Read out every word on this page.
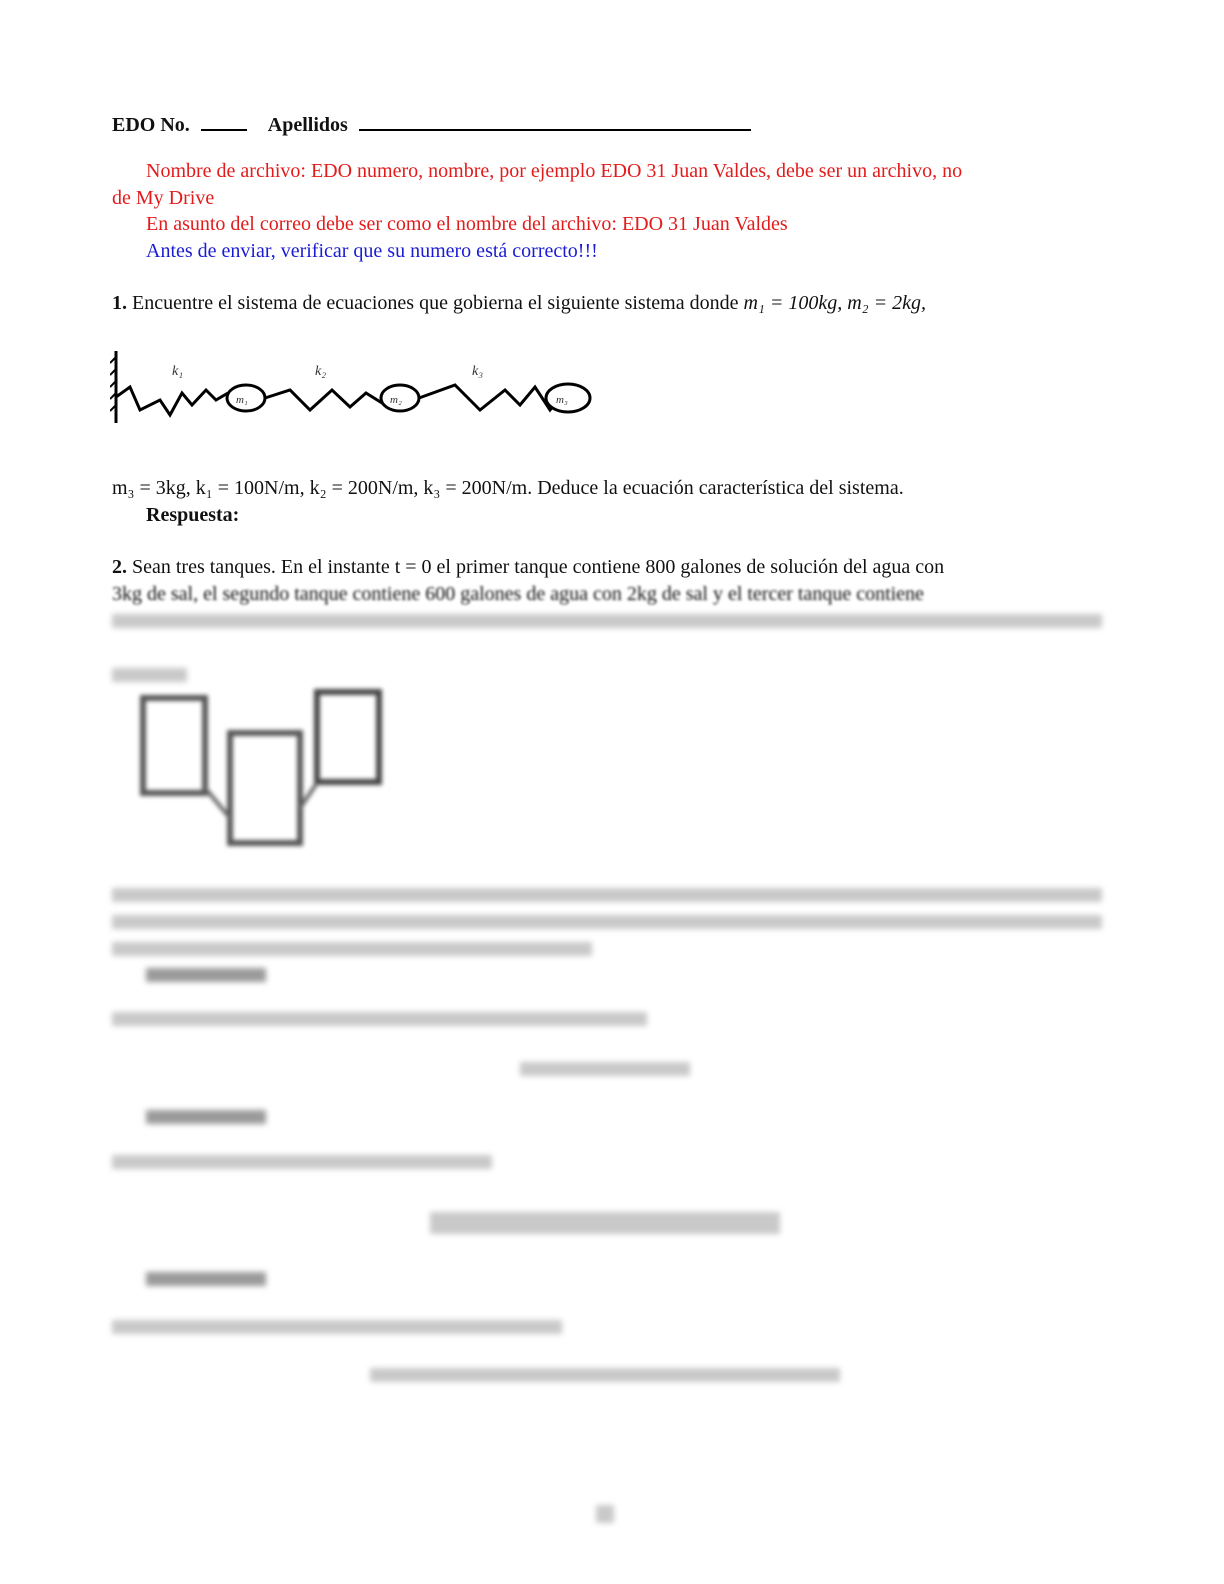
EDO No.	Apellidos
Nombre de archivo: EDO numero, nombre, por ejemplo EDO 31 Juan Valdes, debe ser un archivo, no
de My Drive
En asunto del correo debe ser como el nombre del archivo: EDO 31 Juan Valdes
Antes de enviar, verificar que su numero está correcto!!!
1. Encuentre el sistema de ecuaciones que gobierna el siguiente sistema donde m₁ = 100kg, m₂ = 2kg,
k₁	k₂	k₃
m₁	m₂	m₃
m₃ = 3kg, k₁ = 100N/m, k₂ = 200N/m, k₃ = 200N/m. Deduce la ecuación característica del sistema.
Respuesta:
2. Sean tres tanques. En el instante t = 0 el primer tanque contiene 800 galones de solución del agua con
3kg de sal, el segundo tanque contiene 600 galones de agua con 2kg de sal y el tercer tanque contiene
